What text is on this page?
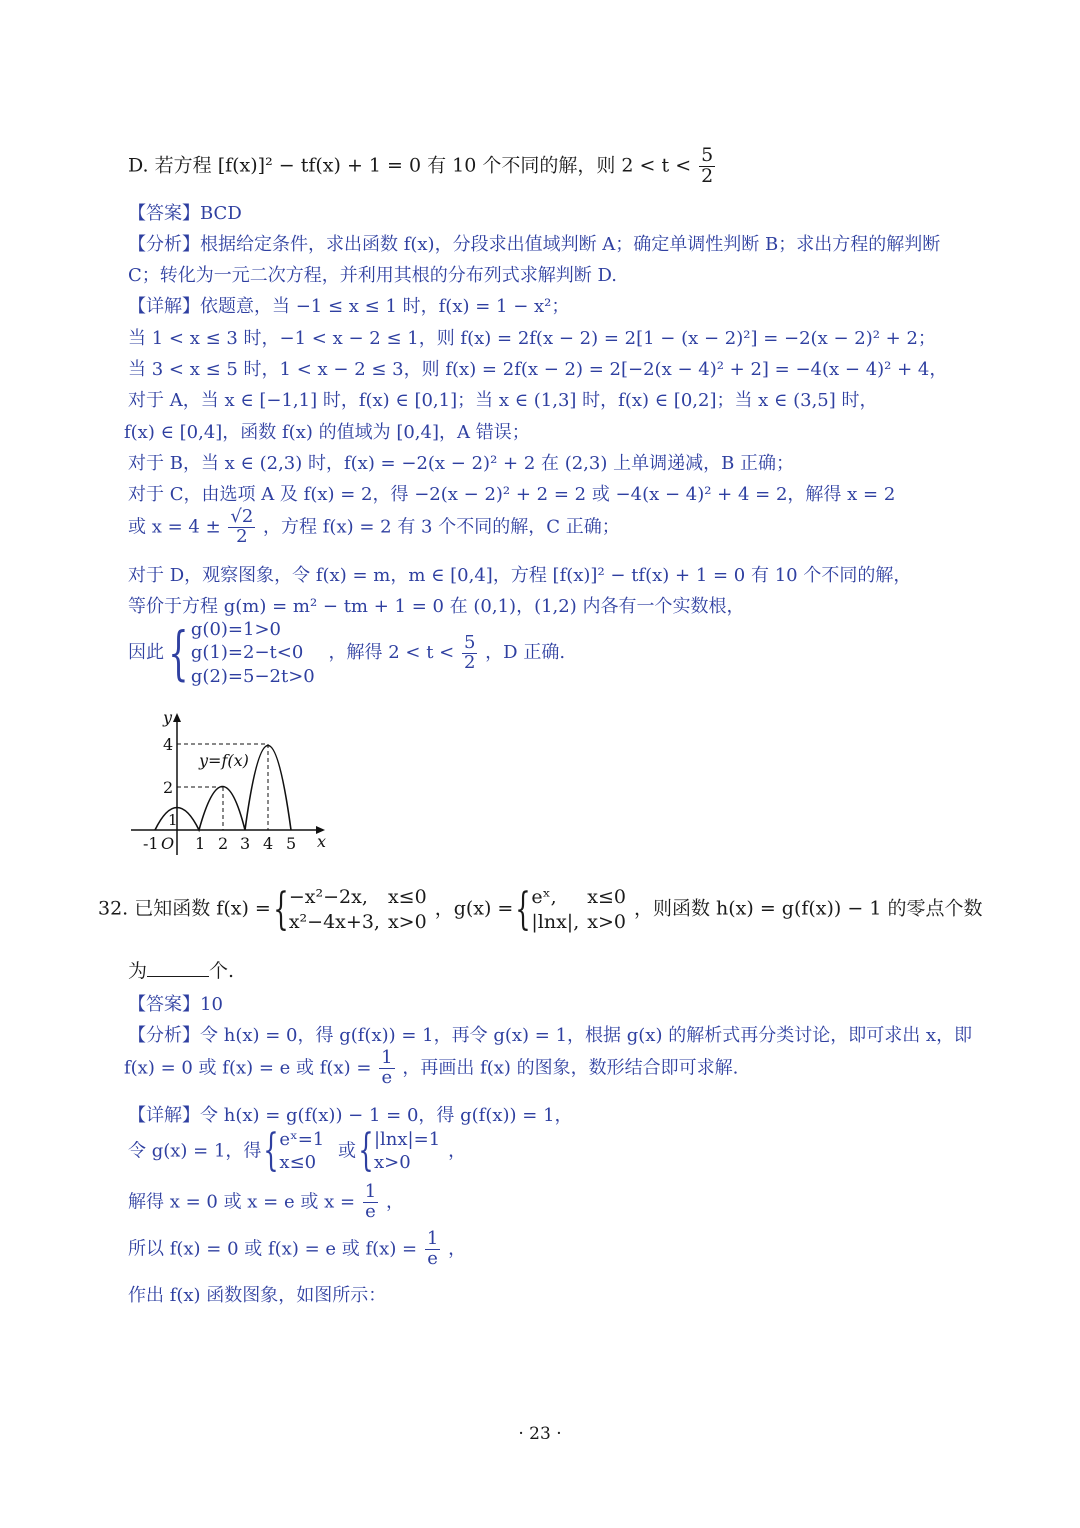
D. 若方程 [f(x)]² − tf(x) + 1 = 0 有 10 个不同的解，则 $2 < t < \frac{5}{2}$
【答案】BCD
【分析】根据给定条件，求出函数 f(x)，分段求出值域判断 A；确定单调性判断 B；求出方程的解判断
C；转化为一元二次方程，并利用其根的分布列式求解判断 D.
【详解】依题意，当 −1 ≤ x ≤ 1 时，f(x) = 1 − x²；
当 1 < x ≤ 3 时，−1 < x − 2 ≤ 1，则 f(x) = 2f(x − 2) = 2[1 − (x − 2)²] = −2(x − 2)² + 2；
当 3 < x ≤ 5 时，1 < x − 2 ≤ 3，则 f(x) = 2f(x − 2) = 2[−2(x − 4)² + 2] = −4(x − 4)² + 4，
对于 A，当 x ∈ [−1,1] 时，f(x) ∈ [0,1]；当 x ∈ (1,3] 时，f(x) ∈ [0,2]；当 x ∈ (3,5] 时，
f(x) ∈ [0,4]，函数 f(x) 的值域为 [0,4]，A 错误；
对于 B，当 x ∈ (2,3) 时，f(x) = −2(x − 2)² + 2 在 (2,3) 上单调递减，B 正确；
对于 C，由选项 A 及 f(x) = 2，得 −2(x − 2)² + 2 = 2 或 −4(x − 4)² + 4 = 2，解得 x = 2
或 $x = 4 \pm \frac{√2}{2}$ ，方程 f(x) = 2 有 3 个不同的解，C 正确；
对于 D，观察图象，令 f(x) = m，m ∈ [0,4]，方程 [f(x)]² − tf(x) + 1 = 0 有 10 个不同的解，
等价于方程 g(m) = m² − tm + 1 = 0 在 (0,1)，(1,2) 内各有一个实数根，
因此{ g(0)=1>0
g(1)=2−t<0
g(2)=5−2t>0
，解得 $2 < t < \frac{5}{2}$ ，D 正确.
y
x
y=f(x)
4
2
1
-1 O 1 2 3 4 5
32. 已知函数 f(x) ={ −x²−2x,	x≤0
x²−4x+3,	x>0
，g(x) ={ eˣ,	x≤0
|lnx|,	x>0
，则函数 h(x) = g(f(x)) − 1 的零点个数
为	个.
【答案】10
【分析】令 h(x) = 0，得 g(f(x)) = 1，再令 g(x) = 1，根据 g(x) 的解析式再分类讨论，即可求出 x，即
f(x) = 0 或 f(x) = e 或 $f(x) = \frac{1}{e}$ ，再画出 f(x) 的图象，数形结合即可求解.
【详解】令 h(x) = g(f(x)) − 1 = 0，得 g(f(x)) = 1，
令 g(x) = 1，得{ eˣ=1
x≤0
或{ |lnx|=1
x>0
，
解得 x = 0 或 x = e 或 $x = \frac{1}{e}$ ，
所以 f(x) = 0 或 f(x) = e 或 $f(x) = \frac{1}{e}$ ，
作出 f(x) 函数图象，如图所示：
· 23 ·
